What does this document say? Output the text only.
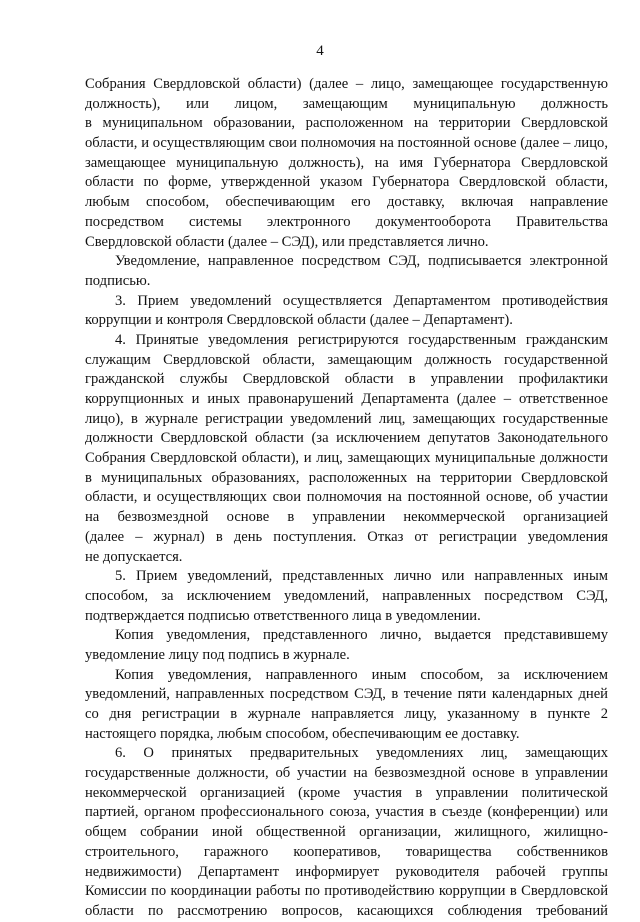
4
Собрания Свердловской области) (далее – лицо, замещающее государственную
должность), или лицом, замещающим муниципальную должность
в муниципальном образовании, расположенном на территории Свердловской
области, и осуществляющим свои полномочия на постоянной основе (далее – лицо,
замещающее муниципальную должность), на имя Губернатора Свердловской
области по форме, утвержденной указом Губернатора Свердловской области,
любым способом, обеспечивающим его доставку, включая направление
посредством системы электронного документооборота Правительства
Свердловской области (далее – СЭД), или представляется лично.
Уведомление, направленное посредством СЭД, подписывается электронной
подписью.
3. Прием уведомлений осуществляется Департаментом противодействия
коррупции и контроля Свердловской области (далее – Департамент).
4. Принятые уведомления регистрируются государственным гражданским
служащим Свердловской области, замещающим должность государственной
гражданской службы Свердловской области в управлении профилактики
коррупционных и иных правонарушений Департамента (далее – ответственное
лицо), в журнале регистрации уведомлений лиц, замещающих государственные
должности Свердловской области (за исключением депутатов Законодательного
Собрания Свердловской области), и лиц, замещающих муниципальные должности
в муниципальных образованиях, расположенных на территории Свердловской
области, и осуществляющих свои полномочия на постоянной основе, об участии
на безвозмездной основе в управлении некоммерческой организацией
(далее – журнал) в день поступления. Отказ от регистрации уведомления
не допускается.
5. Прием уведомлений, представленных лично или направленных иным
способом, за исключением уведомлений, направленных посредством СЭД,
подтверждается подписью ответственного лица в уведомлении.
Копия уведомления, представленного лично, выдается представившему
уведомление лицу под подпись в журнале.
Копия уведомления, направленного иным способом, за исключением
уведомлений, направленных посредством СЭД, в течение пяти календарных дней
со дня регистрации в журнале направляется лицу, указанному в пункте 2
настоящего порядка, любым способом, обеспечивающим ее доставку.
6. О принятых предварительных уведомлениях лиц, замещающих
государственные должности, об участии на безвозмездной основе в управлении
некоммерческой организацией (кроме участия в управлении политической
партией, органом профессионального союза, участия в съезде (конференции) или
общем собрании иной общественной организации, жилищного, жилищно-
строительного, гаражного кооперативов, товарищества собственников
недвижимости) Департамент информирует руководителя рабочей группы
Комиссии по координации работы по противодействию коррупции в Свердловской
области по рассмотрению вопросов, касающихся соблюдения требований
